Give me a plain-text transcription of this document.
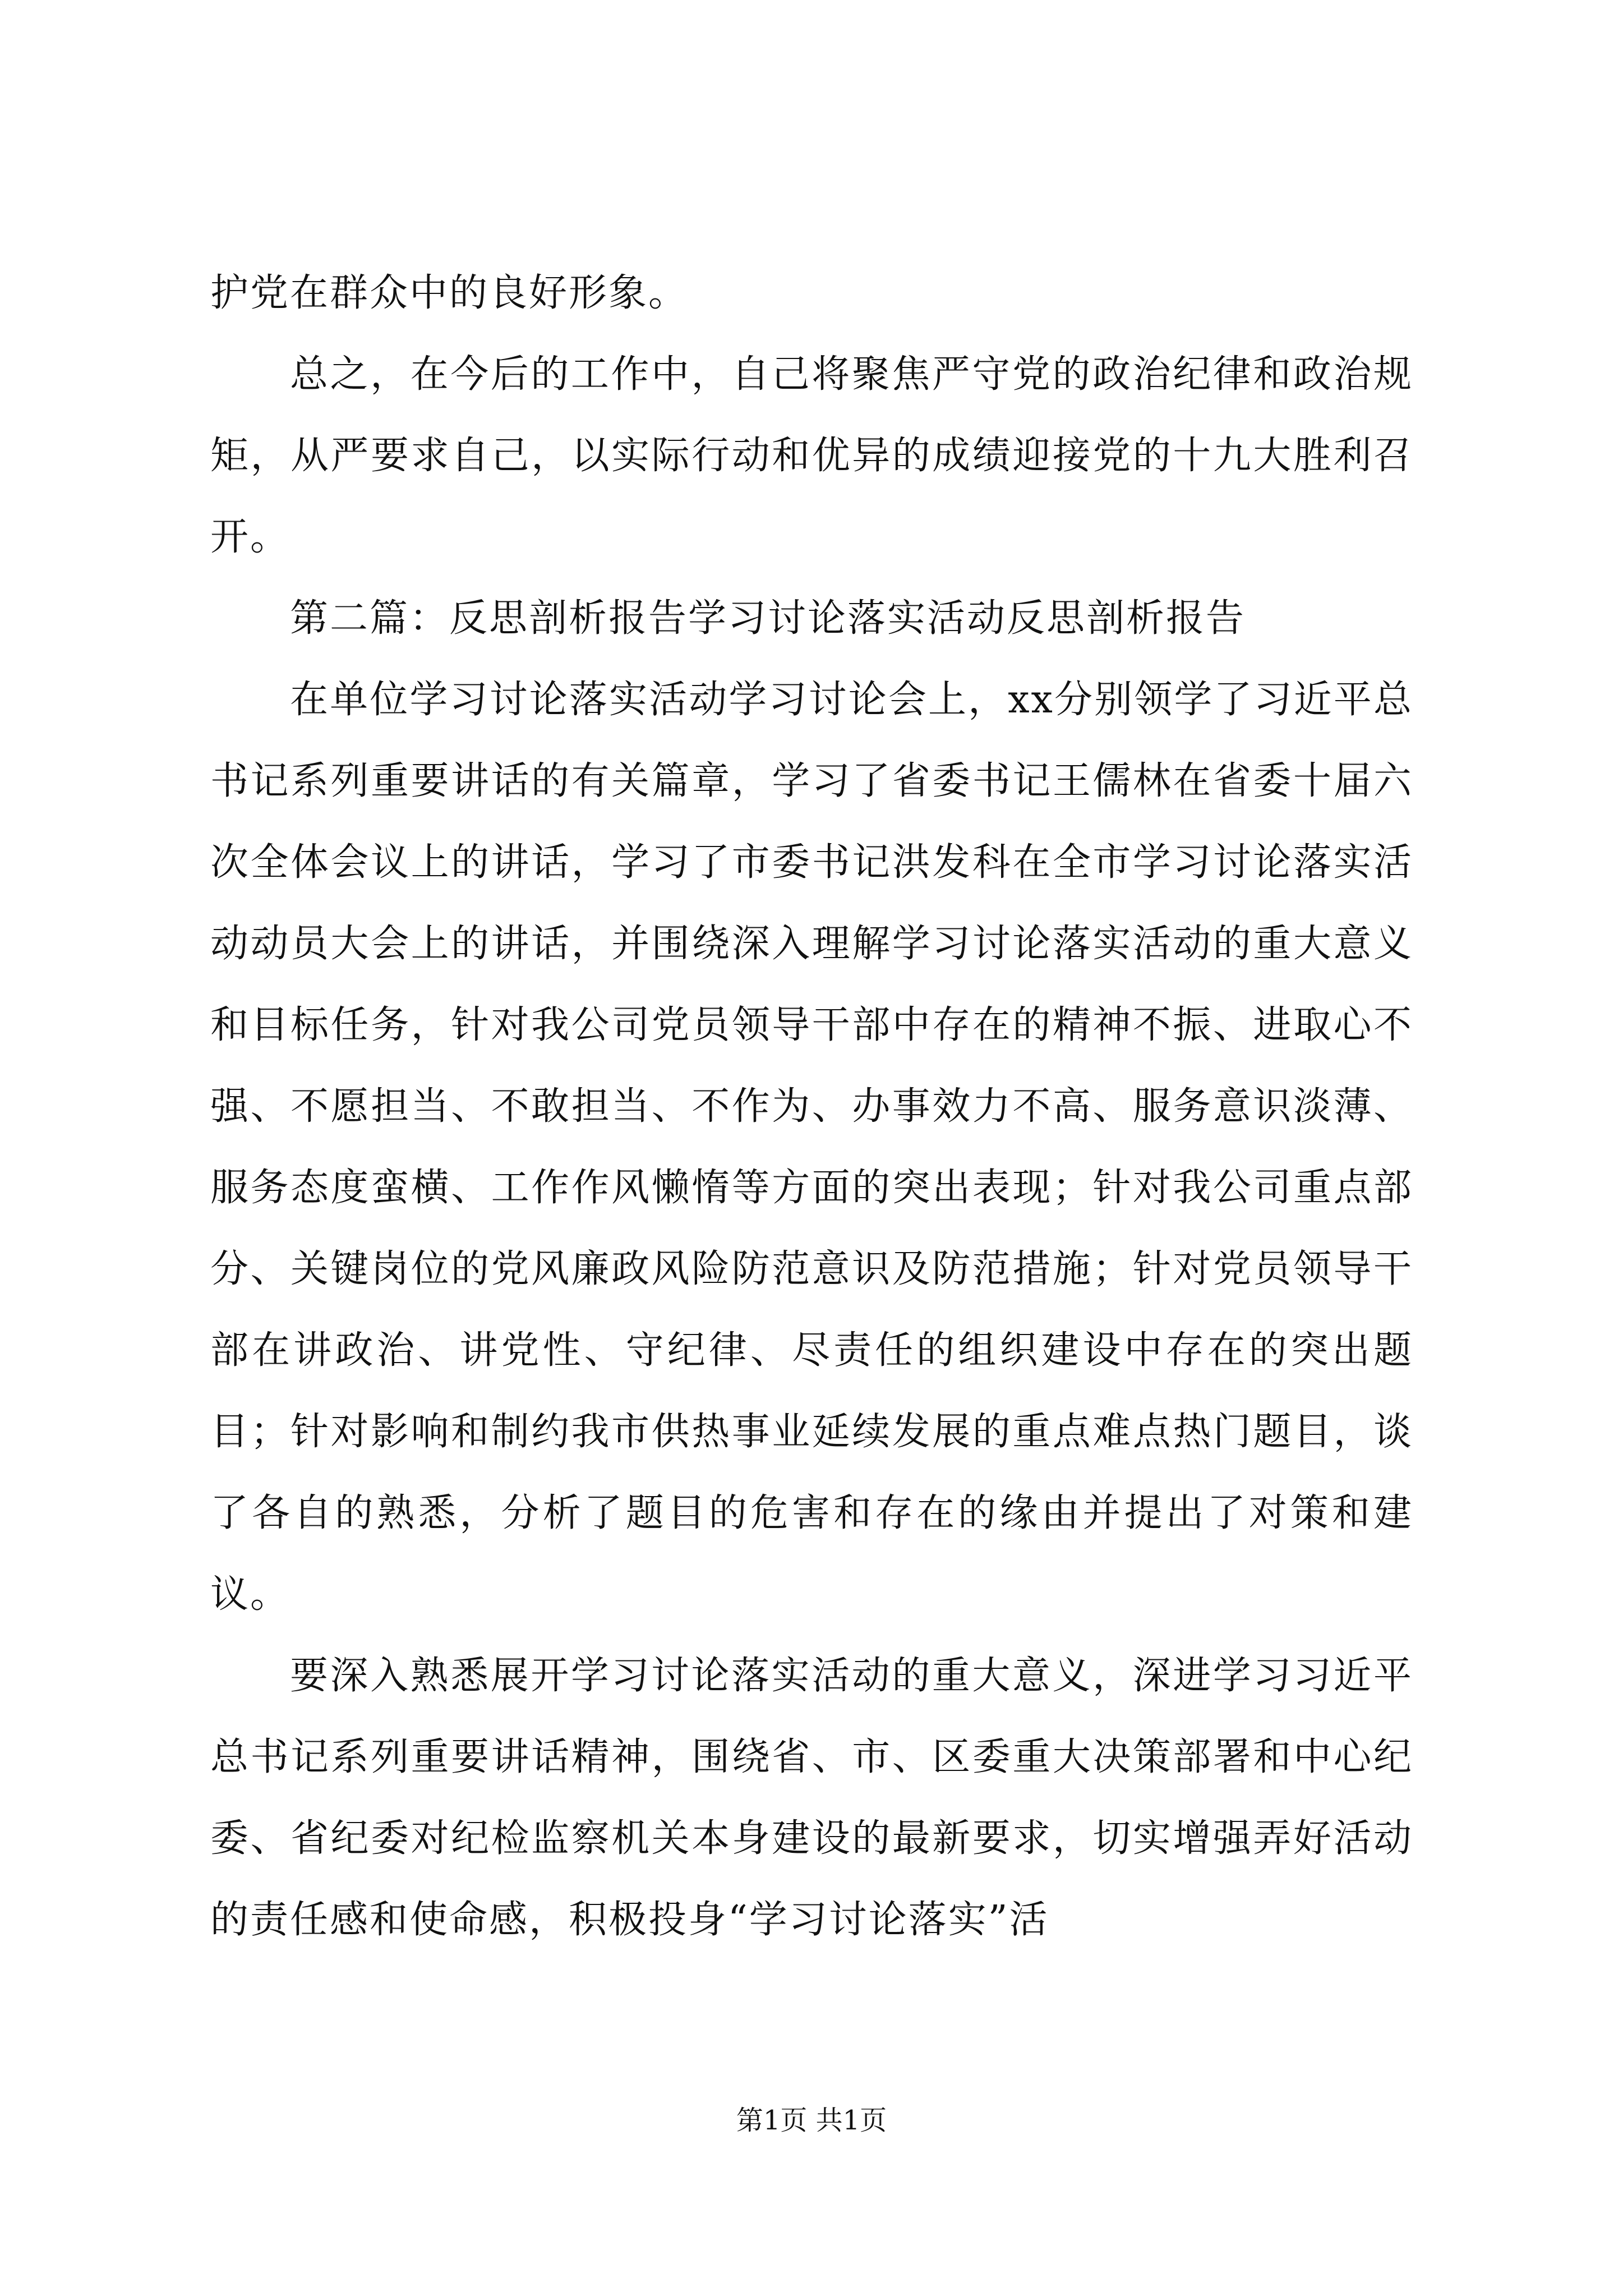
护党在群众中的良好形象。

总之，在今后的工作中，自己将聚焦严守党的政治纪律和政治规矩，从严要求自己，以实际行动和优异的成绩迎接党的十九大胜利召开。

第二篇：反思剖析报告学习讨论落实活动反思剖析报告

在单位学习讨论落实活动学习讨论会上，xx分别领学了习近平总书记系列重要讲话的有关篇章，学习了省委书记王儒林在省委十届六次全体会议上的讲话，学习了市委书记洪发科在全市学习讨论落实活动动员大会上的讲话，并围绕深入理解学习讨论落实活动的重大意义和目标任务，针对我公司党员领导干部中存在的精神不振、进取心不强、不愿担当、不敢担当、不作为、办事效力不高、服务意识淡薄、服务态度蛮横、工作作风懒惰等方面的突出表现；针对我公司重点部分、关键岗位的党风廉政风险防范意识及防范措施；针对党员领导干部在讲政治、讲党性、守纪律、尽责任的组织建设中存在的突出题目；针对影响和制约我市供热事业延续发展的重点难点热门题目，谈了各自的熟悉，分析了题目的危害和存在的缘由并提出了对策和建议。

要深入熟悉展开学习讨论落实活动的重大意义，深进学习习近平总书记系列重要讲话精神，围绕省、市、区委重大决策部署和中心纪委、省纪委对纪检监察机关本身建设的最新要求，切实增强弄好活动的责任感和使命感，积极投身“学习讨论落实”活

第1页 共1页
